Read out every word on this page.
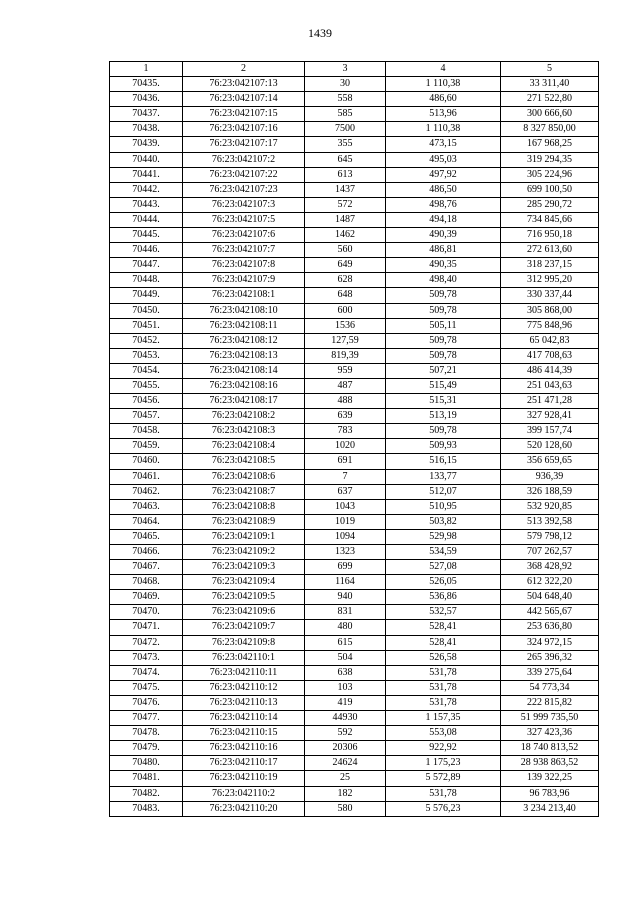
1439
1	2	3	4	5
70435.	76:23:042107:13	30	1 110,38	33 311,40
70436.	76:23:042107:14	558	486,60	271 522,80
70437.	76:23:042107:15	585	513,96	300 666,60
70438.	76:23:042107:16	7500	1 110,38	8 327 850,00
70439.	76:23:042107:17	355	473,15	167 968,25
70440.	76:23:042107:2	645	495,03	319 294,35
70441.	76:23:042107:22	613	497,92	305 224,96
70442.	76:23:042107:23	1437	486,50	699 100,50
70443.	76:23:042107:3	572	498,76	285 290,72
70444.	76:23:042107:5	1487	494,18	734 845,66
70445.	76:23:042107:6	1462	490,39	716 950,18
70446.	76:23:042107:7	560	486,81	272 613,60
70447.	76:23:042107:8	649	490,35	318 237,15
70448.	76:23:042107:9	628	498,40	312 995,20
70449.	76:23:042108:1	648	509,78	330 337,44
70450.	76:23:042108:10	600	509,78	305 868,00
70451.	76:23:042108:11	1536	505,11	775 848,96
70452.	76:23:042108:12	127,59	509,78	65 042,83
70453.	76:23:042108:13	819,39	509,78	417 708,63
70454.	76:23:042108:14	959	507,21	486 414,39
70455.	76:23:042108:16	487	515,49	251 043,63
70456.	76:23:042108:17	488	515,31	251 471,28
70457.	76:23:042108:2	639	513,19	327 928,41
70458.	76:23:042108:3	783	509,78	399 157,74
70459.	76:23:042108:4	1020	509,93	520 128,60
70460.	76:23:042108:5	691	516,15	356 659,65
70461.	76:23:042108:6	7	133,77	936,39
70462.	76:23:042108:7	637	512,07	326 188,59
70463.	76:23:042108:8	1043	510,95	532 920,85
70464.	76:23:042108:9	1019	503,82	513 392,58
70465.	76:23:042109:1	1094	529,98	579 798,12
70466.	76:23:042109:2	1323	534,59	707 262,57
70467.	76:23:042109:3	699	527,08	368 428,92
70468.	76:23:042109:4	1164	526,05	612 322,20
70469.	76:23:042109:5	940	536,86	504 648,40
70470.	76:23:042109:6	831	532,57	442 565,67
70471.	76:23:042109:7	480	528,41	253 636,80
70472.	76:23:042109:8	615	528,41	324 972,15
70473.	76:23:042110:1	504	526,58	265 396,32
70474.	76:23:042110:11	638	531,78	339 275,64
70475.	76:23:042110:12	103	531,78	54 773,34
70476.	76:23:042110:13	419	531,78	222 815,82
70477.	76:23:042110:14	44930	1 157,35	51 999 735,50
70478.	76:23:042110:15	592	553,08	327 423,36
70479.	76:23:042110:16	20306	922,92	18 740 813,52
70480.	76:23:042110:17	24624	1 175,23	28 938 863,52
70481.	76:23:042110:19	25	5 572,89	139 322,25
70482.	76:23:042110:2	182	531,78	96 783,96
70483.	76:23:042110:20	580	5 576,23	3 234 213,40
